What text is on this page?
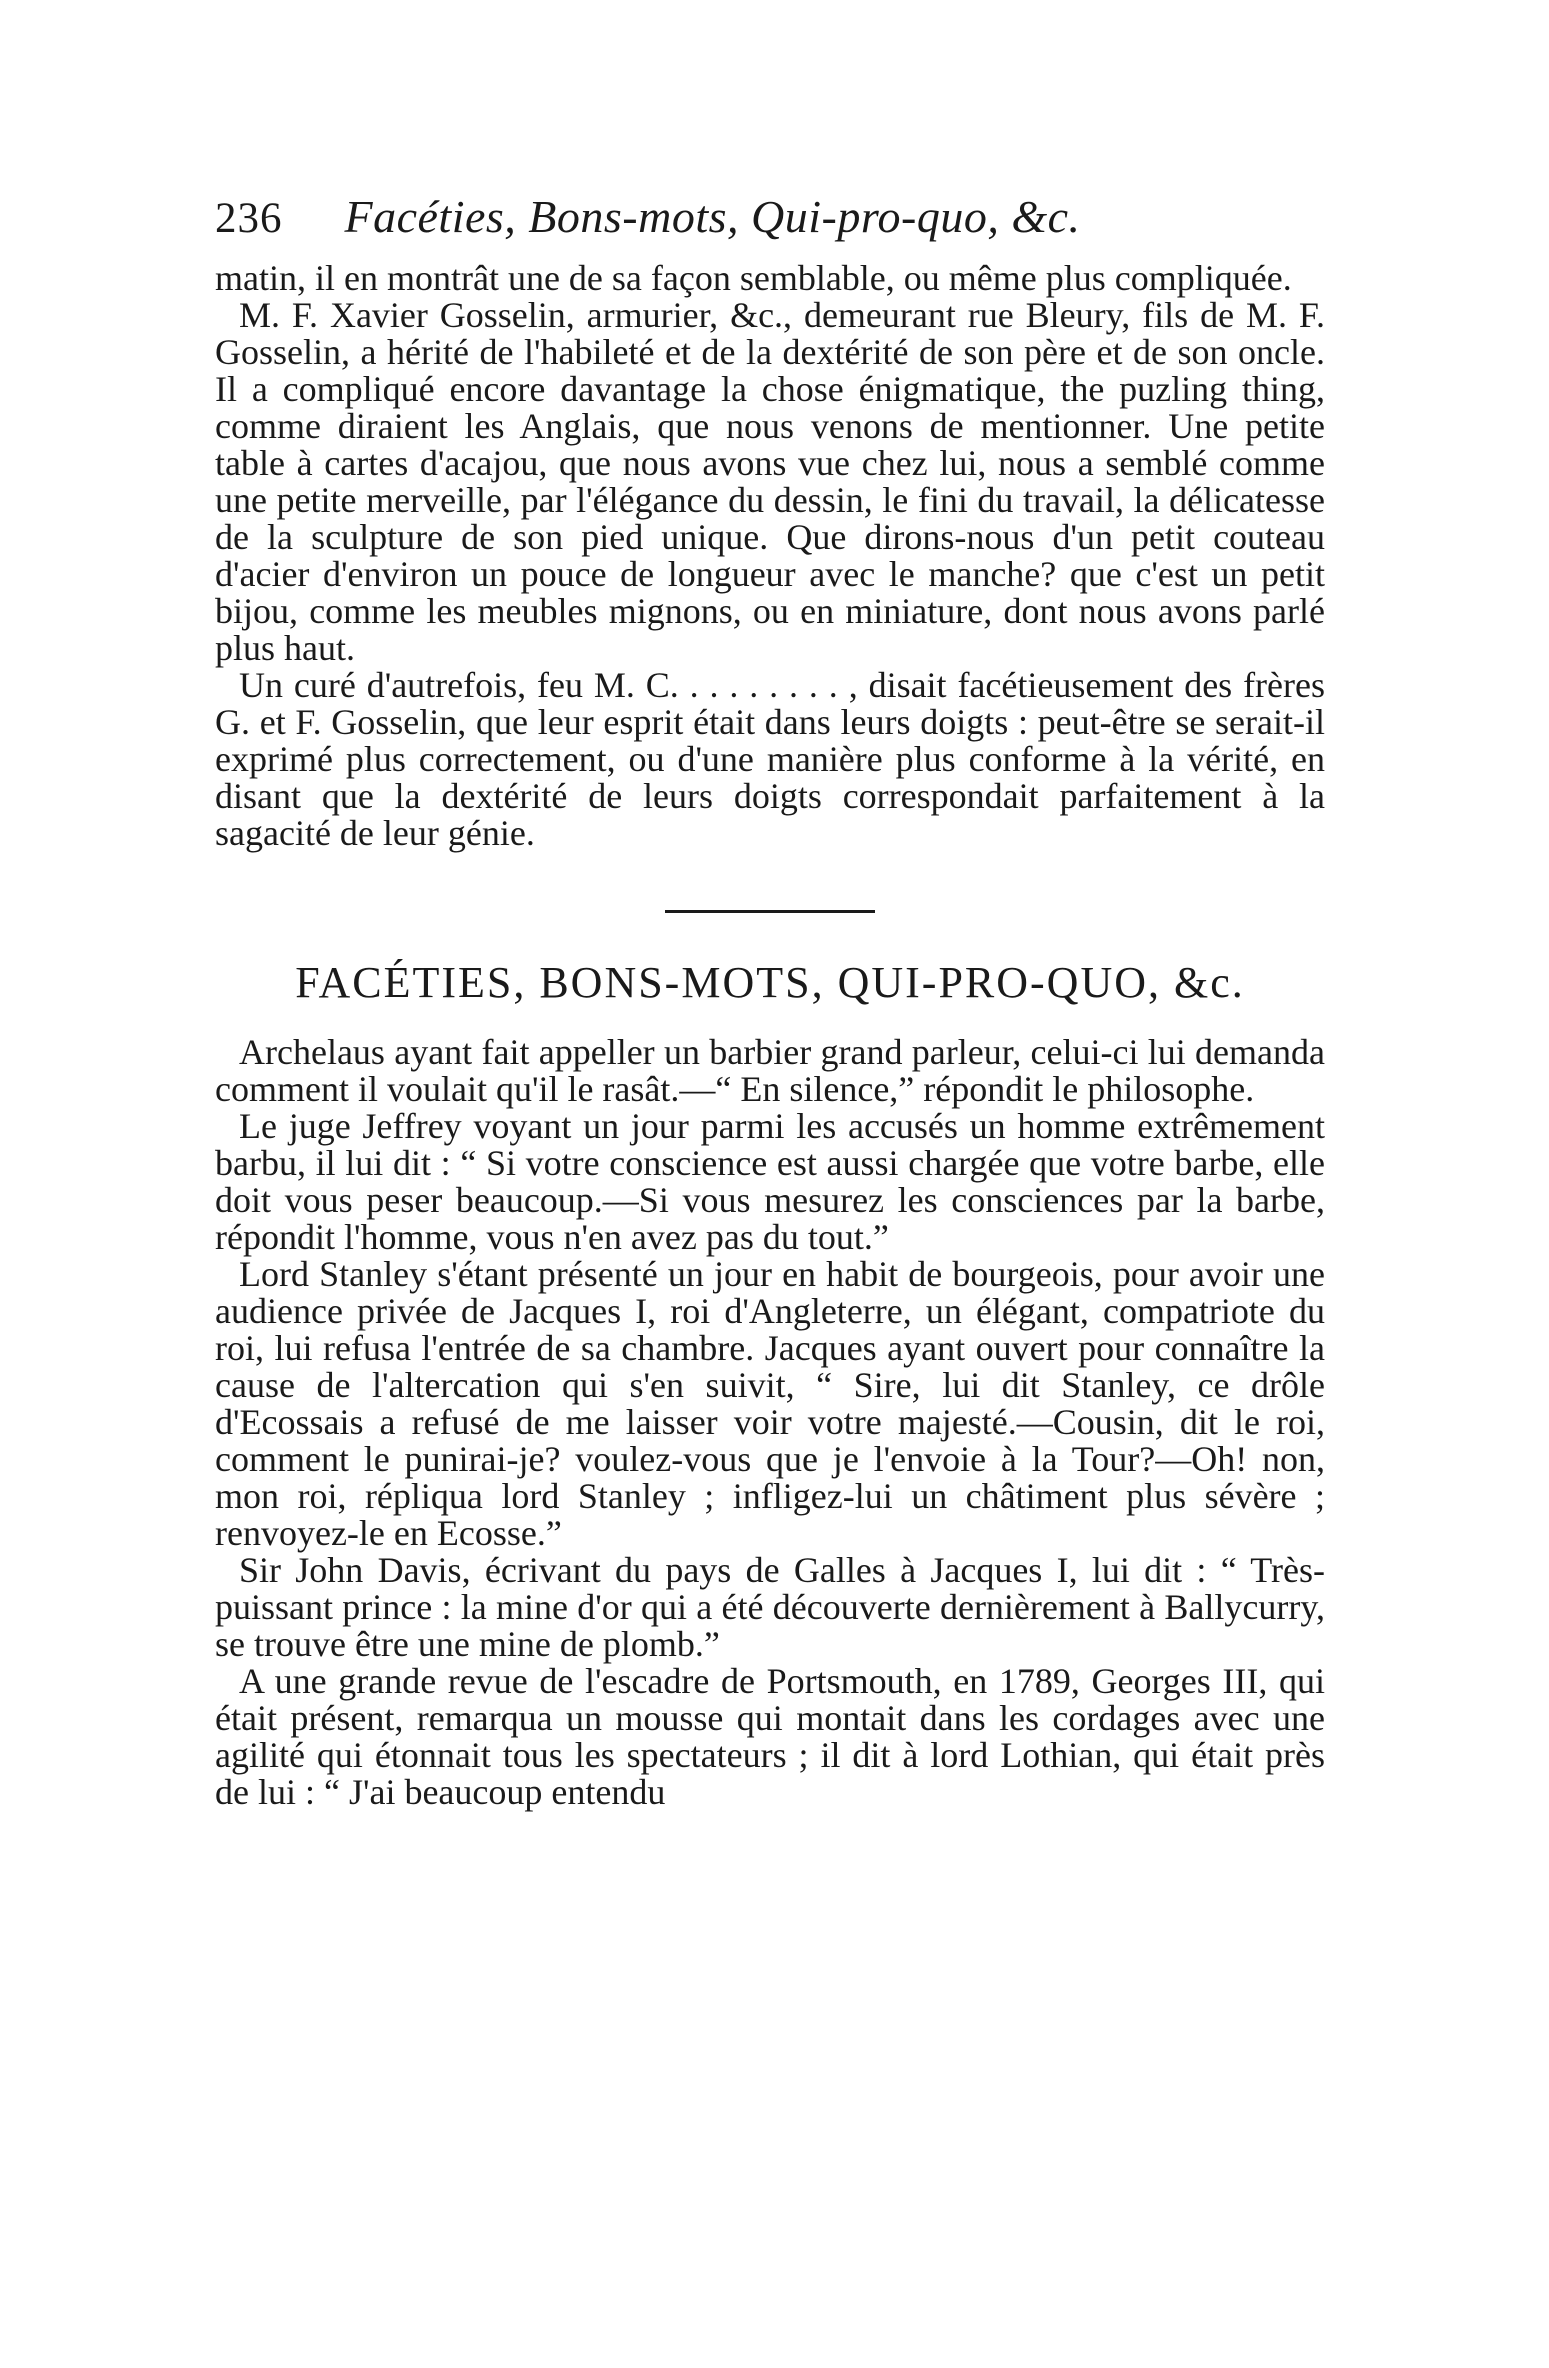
236 Facéties, Bons-mots, Qui-pro-quo, &c.

matin, il en montrât une de sa façon semblable, ou même plus compliquée.

M. F. Xavier Gosselin, armurier, &c., demeurant rue Bleury, fils de M. F. Gosselin, a hérité de l'habileté et de la dextérité de son père et de son oncle. Il a compliqué encore davantage la chose énigmatique, the puzling thing, comme diraient les Anglais, que nous venons de mentionner. Une petite table à cartes d'acajou, que nous avons vue chez lui, nous a semblé comme une petite merveille, par l'élégance du dessin, le fini du travail, la délicatesse de la sculpture de son pied unique. Que dirons-nous d'un petit couteau d'acier d'environ un pouce de longueur avec le manche? que c'est un petit bijou, comme les meubles mignons, ou en miniature, dont nous avons parlé plus haut.

Un curé d'autrefois, feu M. C. . . . . . . . . , disait facétieusement des frères G. et F. Gosselin, que leur esprit était dans leurs doigts : peut-être se serait-il exprimé plus correctement, ou d'une manière plus conforme à la vérité, en disant que la dextérité de leurs doigts correspondait parfaitement à la sagacité de leur génie.

FACÉTIES, BONS-MOTS, QUI-PRO-QUO, &c.

Archelaus ayant fait appeller un barbier grand parleur, celui-ci lui demanda comment il voulait qu'il le rasât.—“ En silence,” répondit le philosophe.

Le juge Jeffrey voyant un jour parmi les accusés un homme extrêmement barbu, il lui dit : “ Si votre conscience est aussi chargée que votre barbe, elle doit vous peser beaucoup.—Si vous mesurez les consciences par la barbe, répondit l'homme, vous n'en avez pas du tout.”

Lord Stanley s'étant présenté un jour en habit de bourgeois, pour avoir une audience privée de Jacques I, roi d'Angleterre, un élégant, compatriote du roi, lui refusa l'entrée de sa chambre. Jacques ayant ouvert pour connaître la cause de l'altercation qui s'en suivit, “ Sire, lui dit Stanley, ce drôle d'Ecossais a refusé de me laisser voir votre majesté.—Cousin, dit le roi, comment le punirai-je? voulez-vous que je l'envoie à la Tour?—Oh! non, mon roi, répliqua lord Stanley ; infligez-lui un châtiment plus sévère ; renvoyez-le en Ecosse.”

Sir John Davis, écrivant du pays de Galles à Jacques I, lui dit : “ Très-puissant prince : la mine d'or qui a été découverte dernièrement à Ballycurry, se trouve être une mine de plomb.”

A une grande revue de l'escadre de Portsmouth, en 1789, Georges III, qui était présent, remarqua un mousse qui montait dans les cordages avec une agilité qui étonnait tous les spectateurs ; il dit à lord Lothian, qui était près de lui : “ J'ai beaucoup entendu
